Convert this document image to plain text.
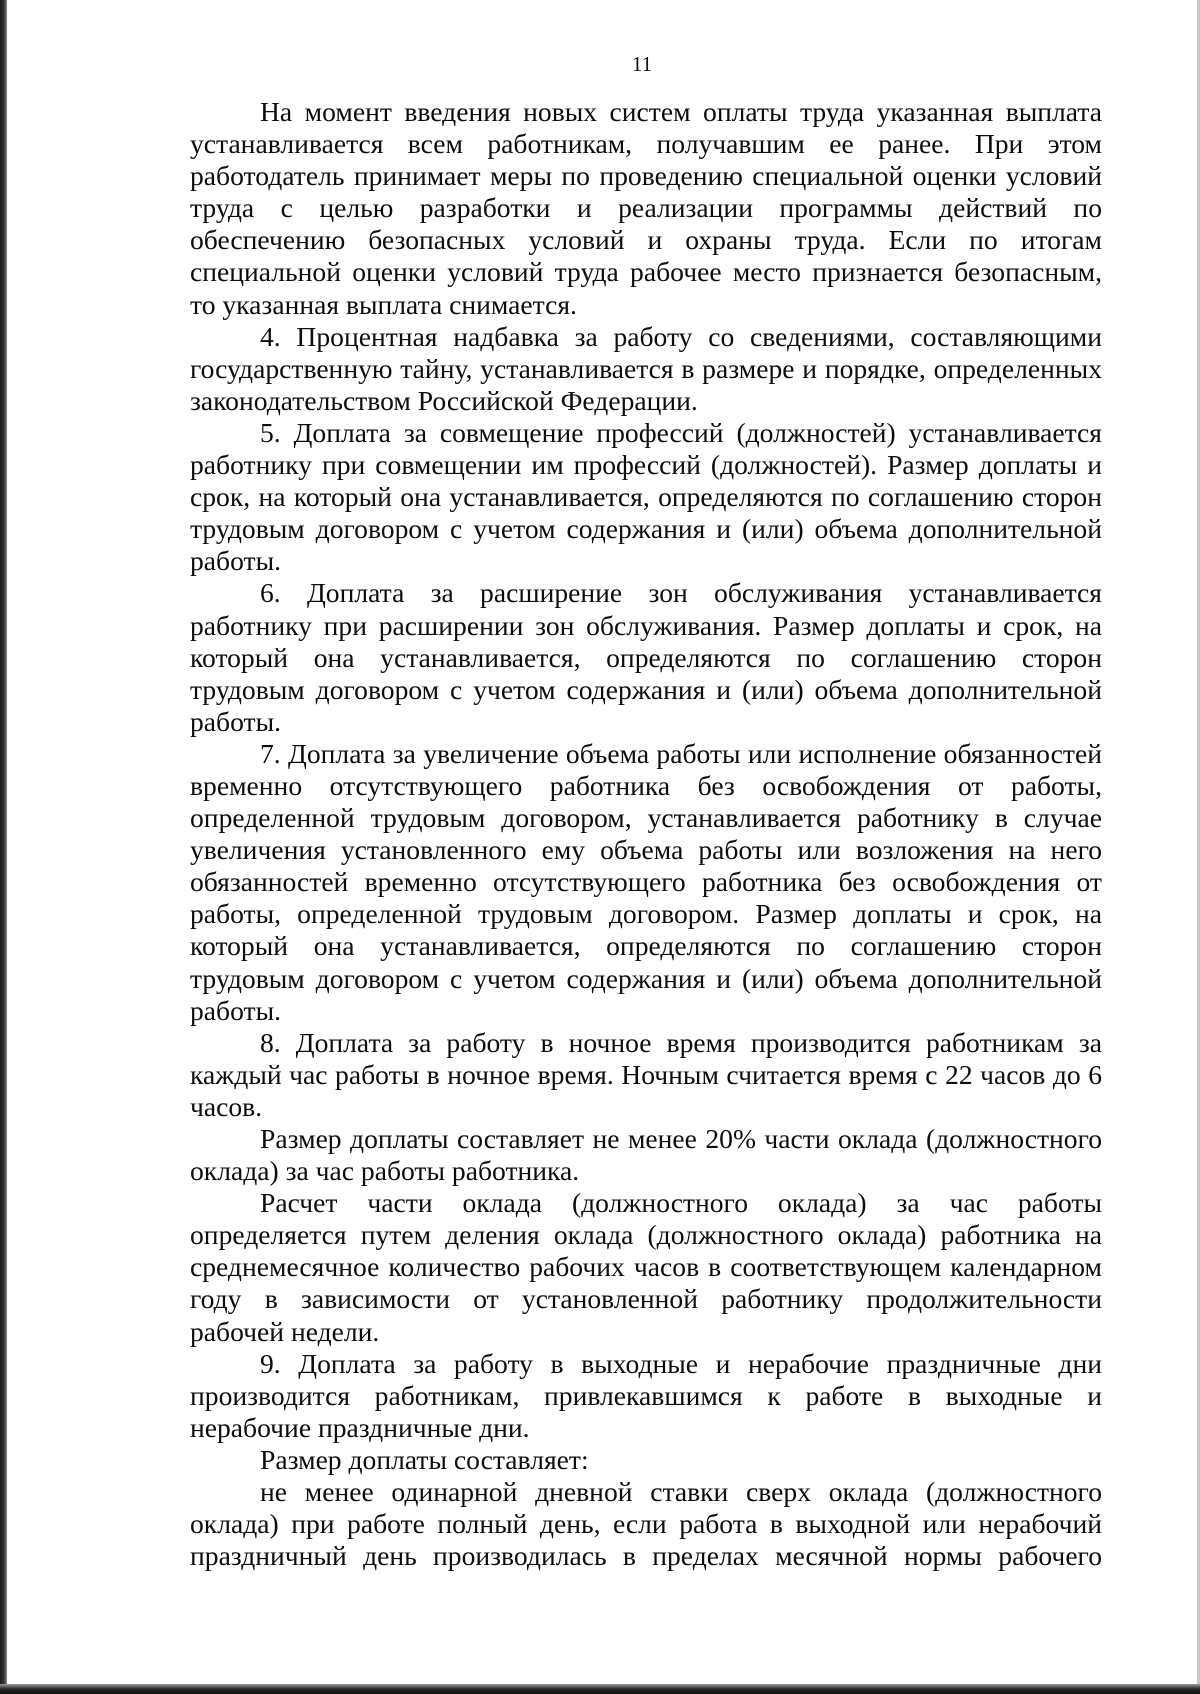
11

На момент введения новых систем оплаты труда указанная выплата устанавливается всем работникам, получавшим ее ранее. При этом работодатель принимает меры по проведению специальной оценки условий труда с целью разработки и реализации программы действий по обеспечению безопасных условий и охраны труда. Если по итогам специальной оценки условий труда рабочее место признается безопасным, то указанная выплата снимается.

4. Процентная надбавка за работу со сведениями, составляющими государственную тайну, устанавливается в размере и порядке, определенных законодательством Российской Федерации.

5. Доплата за совмещение профессий (должностей) устанавливается работнику при совмещении им профессий (должностей). Размер доплаты и срок, на который она устанавливается, определяются по соглашению сторон трудовым договором с учетом содержания и (или) объема дополнительной работы.

6. Доплата за расширение зон обслуживания устанавливается работнику при расширении зон обслуживания. Размер доплаты и срок, на который она устанавливается, определяются по соглашению сторон трудовым договором с учетом содержания и (или) объема дополнительной работы.

7. Доплата за увеличение объема работы или исполнение обязанностей временно отсутствующего работника без освобождения от работы, определенной трудовым договором, устанавливается работнику в случае увеличения установленного ему объема работы или возложения на него обязанностей временно отсутствующего работника без освобождения от работы, определенной трудовым договором. Размер доплаты и срок, на который она устанавливается, определяются по соглашению сторон трудовым договором с учетом содержания и (или) объема дополнительной работы.

8. Доплата за работу в ночное время производится работникам за каждый час работы в ночное время. Ночным считается время с 22 часов до 6 часов.

Размер доплаты составляет не менее 20% части оклада (должностного оклада) за час работы работника.

Расчет части оклада (должностного оклада) за час работы определяется путем деления оклада (должностного оклада) работника на среднемесячное количество рабочих часов в соответствующем календарном году в зависимости от установленной работнику продолжительности рабочей недели.

9. Доплата за работу в выходные и нерабочие праздничные дни производится работникам, привлекавшимся к работе в выходные и нерабочие праздничные дни.

Размер доплаты составляет:

не менее одинарной дневной ставки сверх оклада (должностного оклада) при работе полный день, если работа в выходной или нерабочий праздничный день производилась в пределах месячной нормы рабочего
